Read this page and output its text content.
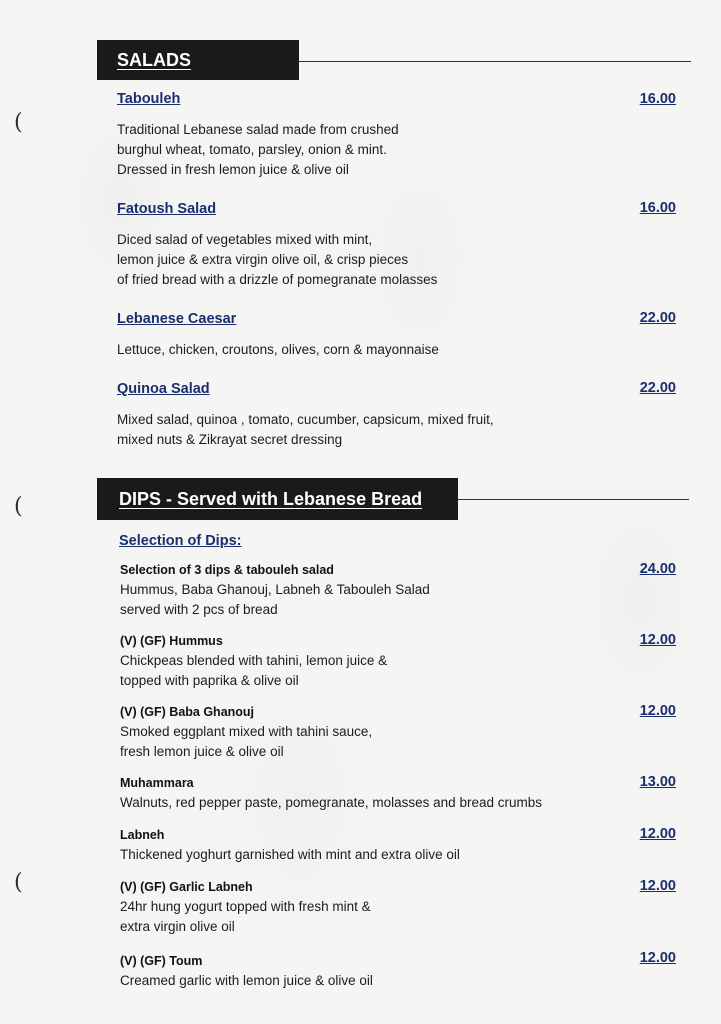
(
(
(
SALADS
Tabouleh	16.00
Traditional Lebanese salad made from crushed
burghul wheat, tomato, parsley, onion & mint.
Dressed in fresh lemon juice & olive oil
Fatoush Salad	16.00
Diced salad of vegetables mixed with mint,
lemon juice & extra virgin olive oil, & crisp pieces
of fried bread with a drizzle of pomegranate molasses
Lebanese Caesar	22.00
Lettuce, chicken, croutons, olives, corn & mayonnaise
Quinoa Salad	22.00
Mixed salad, quinoa , tomato, cucumber, capsicum, mixed fruit,
mixed nuts & Zikrayat secret dressing
DIPS - Served with Lebanese Bread
Selection of Dips:
Selection of 3 dips & tabouleh salad	24.00
Hummus, Baba Ghanouj, Labneh & Tabouleh Salad
served with 2 pcs of bread
(V) (GF) Hummus	12.00
Chickpeas blended with tahini, lemon juice &
topped with paprika & olive oil
(V) (GF) Baba Ghanouj	12.00
Smoked eggplant mixed with tahini sauce,
fresh lemon juice & olive oil
Muhammara	13.00
Walnuts, red pepper paste, pomegranate, molasses and bread crumbs
Labneh	12.00
Thickened yoghurt garnished with mint and extra olive oil
(V) (GF) Garlic Labneh	12.00
24hr hung yogurt topped with fresh mint &
extra virgin olive oil
(V) (GF) Toum	12.00
Creamed garlic with lemon juice & olive oil
